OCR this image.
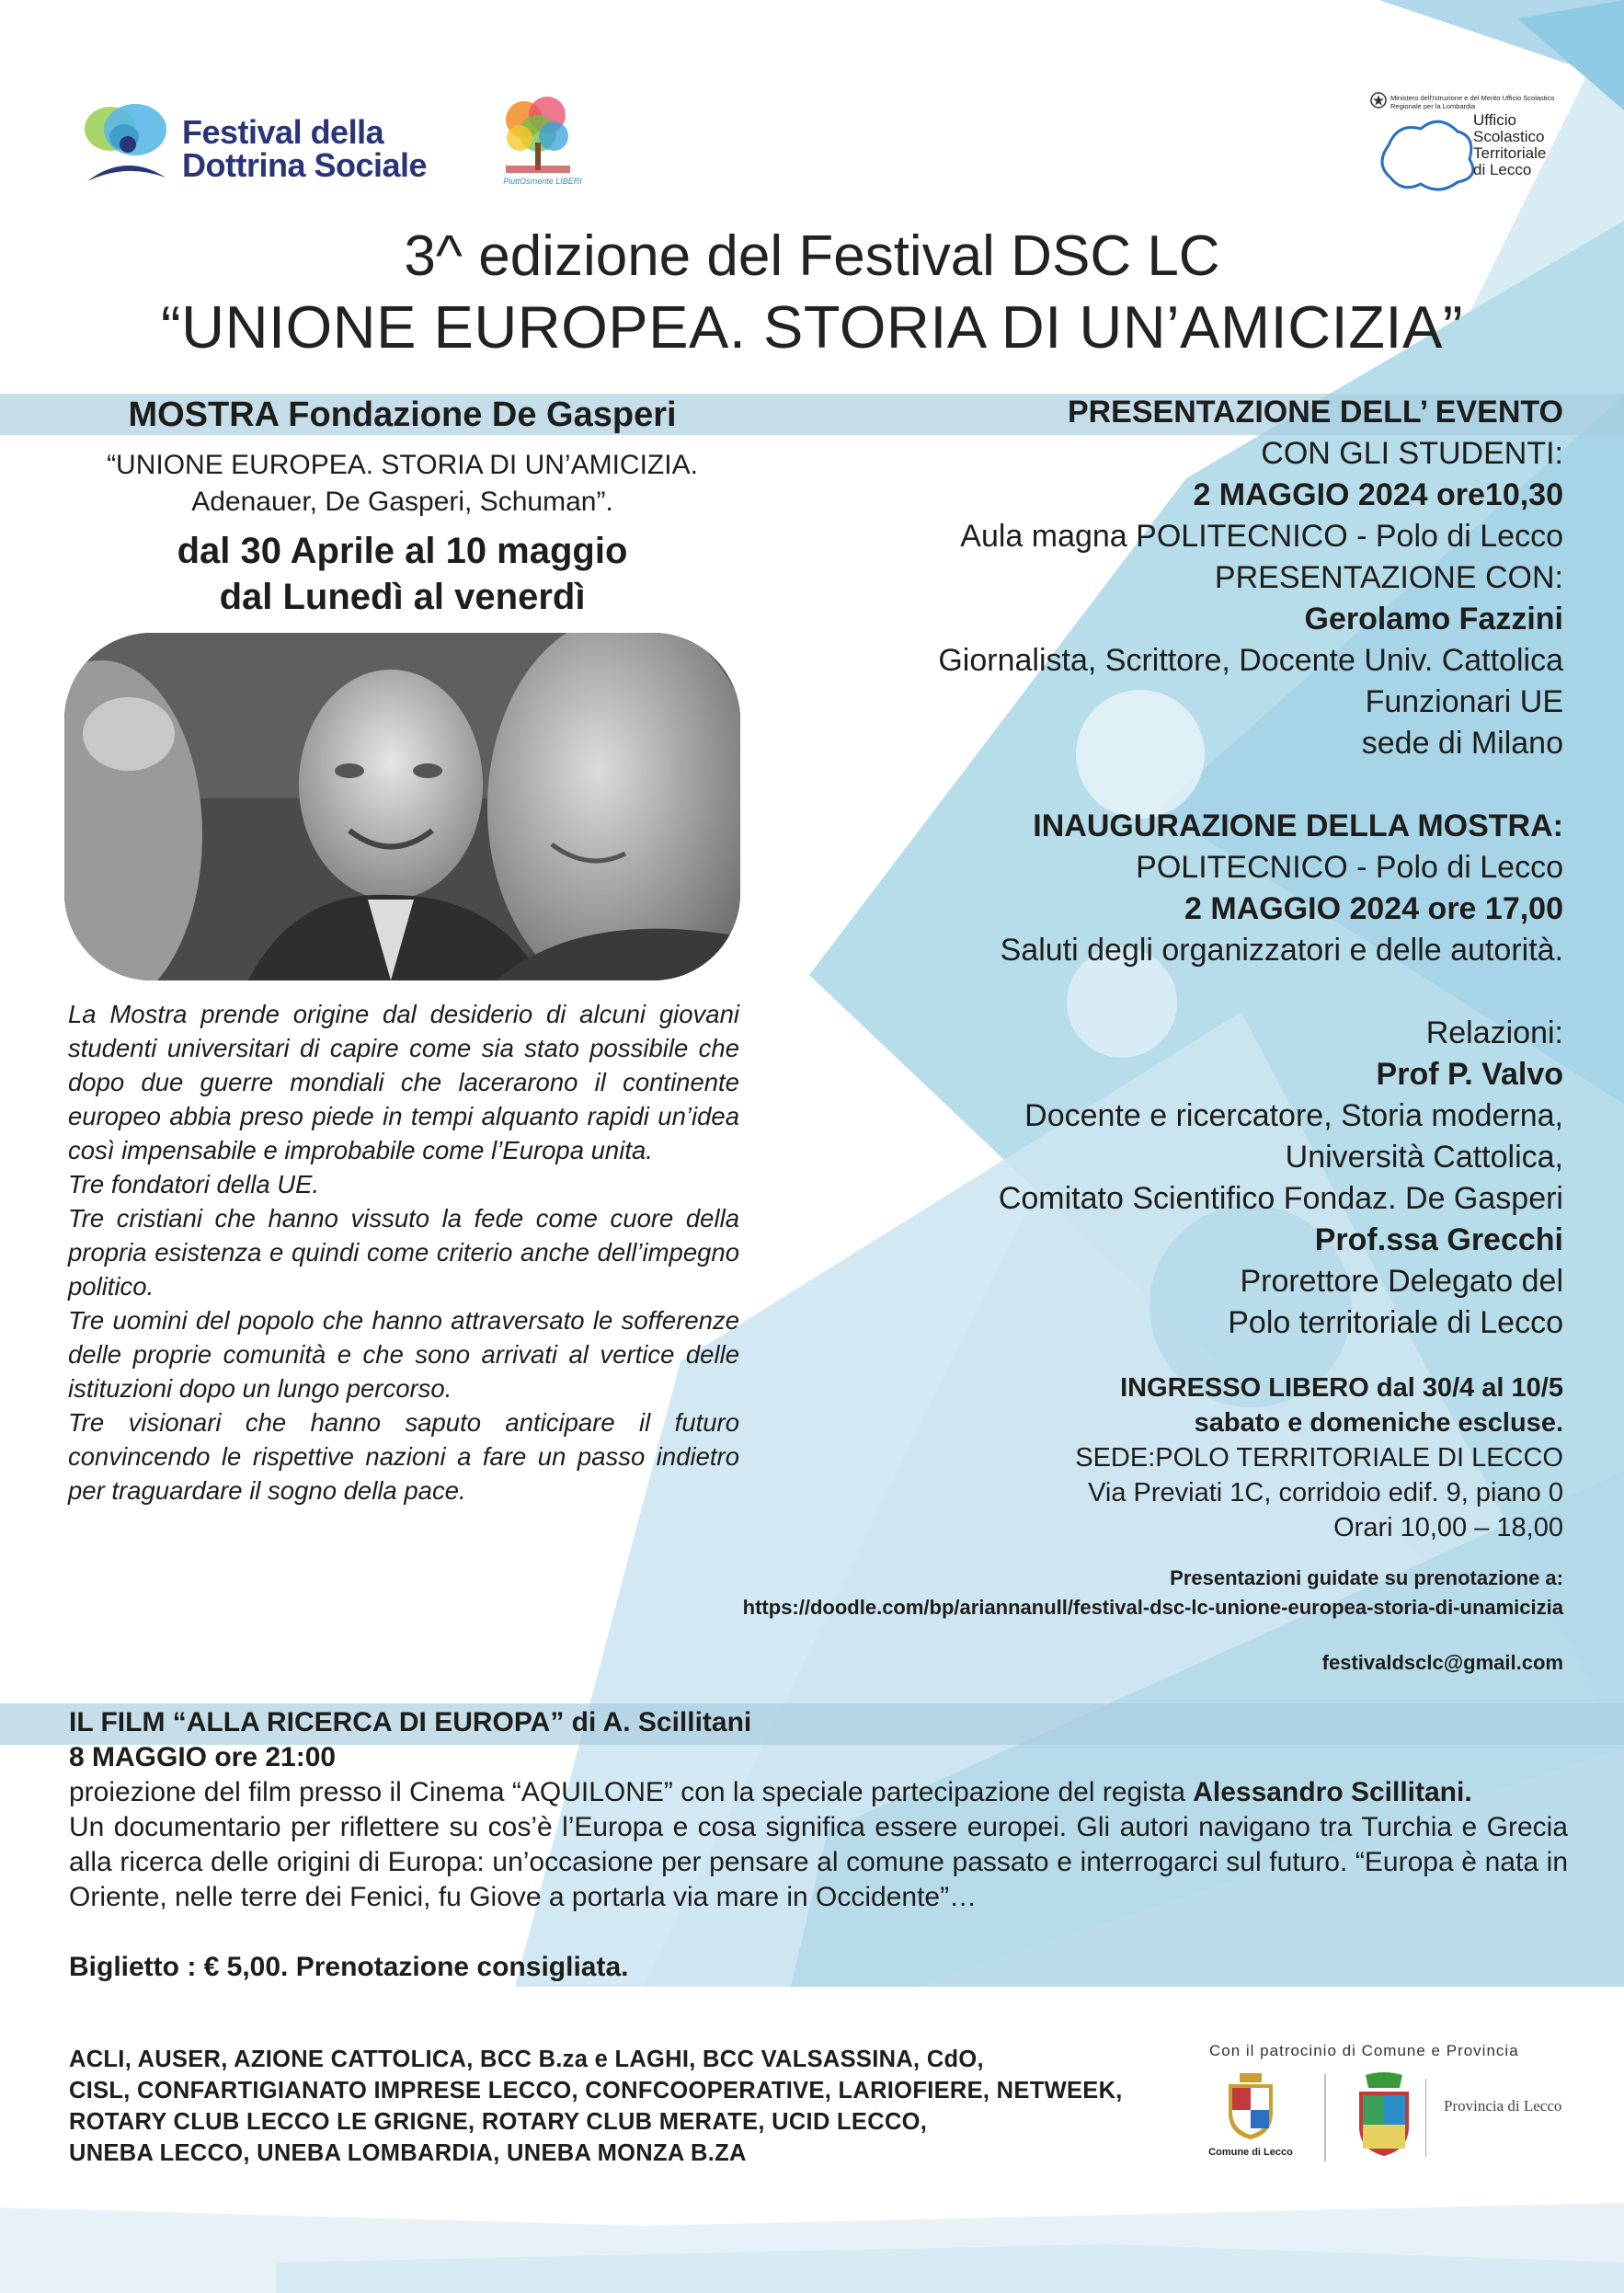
Festival della
Dottrina Sociale	PiuttOsmente LIBERI
Ministero dell'Istruzione e del Merito Ufficio Scolastico Regionale per la Lombardia
Ufficio
Scolastico
Territoriale
di Lecco
3^ edizione del Festival DSC LC
“UNIONE EUROPEA. STORIA DI UN’AMICIZIA”
MOSTRA Fondazione De Gasperi
“UNIONE EUROPEA. STORIA DI UN’AMICIZIA.
Adenauer, De Gasperi, Schuman”.
dal 30 Aprile al 10 maggio
dal Lunedì al venerdì

La Mostra prende origine dal desiderio di alcuni giovani studenti universitari di capire come sia stato possibile che dopo due guerre mondiali che lacerarono il continente europeo abbia preso piede in tempi alquanto rapidi un’idea così impensabile e improbabile come l’Europa unita.

Tre fondatori della UE.

Tre cristiani che hanno vissuto la fede come cuore della propria esistenza e quindi come criterio anche dell’impegno politico.

Tre uomini del popolo che hanno attraversato le sofferenze delle proprie comunità e che sono arrivati al vertice delle istituzioni dopo un lungo percorso.

Tre visionari che hanno saputo anticipare il futuro convincendo le rispettive nazioni a fare un passo indietro per traguardare il sogno della pace.

PRESENTAZIONE DELL’ EVENTO
CON GLI STUDENTI:
2 MAGGIO 2024 ore10,30
Aula magna POLITECNICO - Polo di Lecco
PRESENTAZIONE CON:
Gerolamo Fazzini
Giornalista, Scrittore, Docente Univ. Cattolica
Funzionari UE
sede di Milano
INAUGURAZIONE DELLA MOSTRA:
POLITECNICO - Polo di Lecco
2 MAGGIO 2024 ore 17,00
Saluti degli organizzatori e delle autorità.
Relazioni:
Prof P. Valvo
Docente e ricercatore, Storia moderna,
Università Cattolica,
Comitato Scientifico Fondaz. De Gasperi
Prof.ssa Grecchi
Prorettore Delegato del
Polo territoriale di Lecco
INGRESSO LIBERO dal 30/4 al 10/5
sabato e domeniche escluse.
SEDE:POLO TERRITORIALE DI LECCO
Via Previati 1C, corridoio edif. 9, piano 0
Orari 10,00 – 18,00
Presentazioni guidate su prenotazione a:
https://doodle.com/bp/ariannanull/festival-dsc-lc-unione-europea-storia-di-unamicizia
festivaldsclc@gmail.com
IL FILM “ALLA RICERCA DI EUROPA” di A. Scillitani
8 MAGGIO ore 21:00
proiezione del film presso il Cinema “AQUILONE” con la speciale partecipazione del regista Alessandro Scillitani.
Un documentario per riflettere su cos’è l’Europa e cosa significa essere europei. Gli autori navigano tra Turchia e Grecia alla ricerca delle origini di Europa: un’occasione per pensare al comune passato e interrogarci sul futuro. “Europa è nata in Oriente, nelle terre dei Fenici, fu Giove a portarla via mare in Occidente”…
Biglietto : € 5,00. Prenotazione consigliata.
ACLI, AUSER, AZIONE CATTOLICA, BCC B.za e LAGHI, BCC VALSASSINA, CdO,
CISL, CONFARTIGIANATO IMPRESE LECCO, CONFCOOPERATIVE, LARIOFIERE, NETWEEK,
ROTARY CLUB LECCO LE GRIGNE, ROTARY CLUB MERATE, UCID LECCO,
UNEBA LECCO, UNEBA LOMBARDIA, UNEBA MONZA B.ZA
Con il patrocinio di Comune e Provincia
Comune di Lecco
Provincia di Lecco
